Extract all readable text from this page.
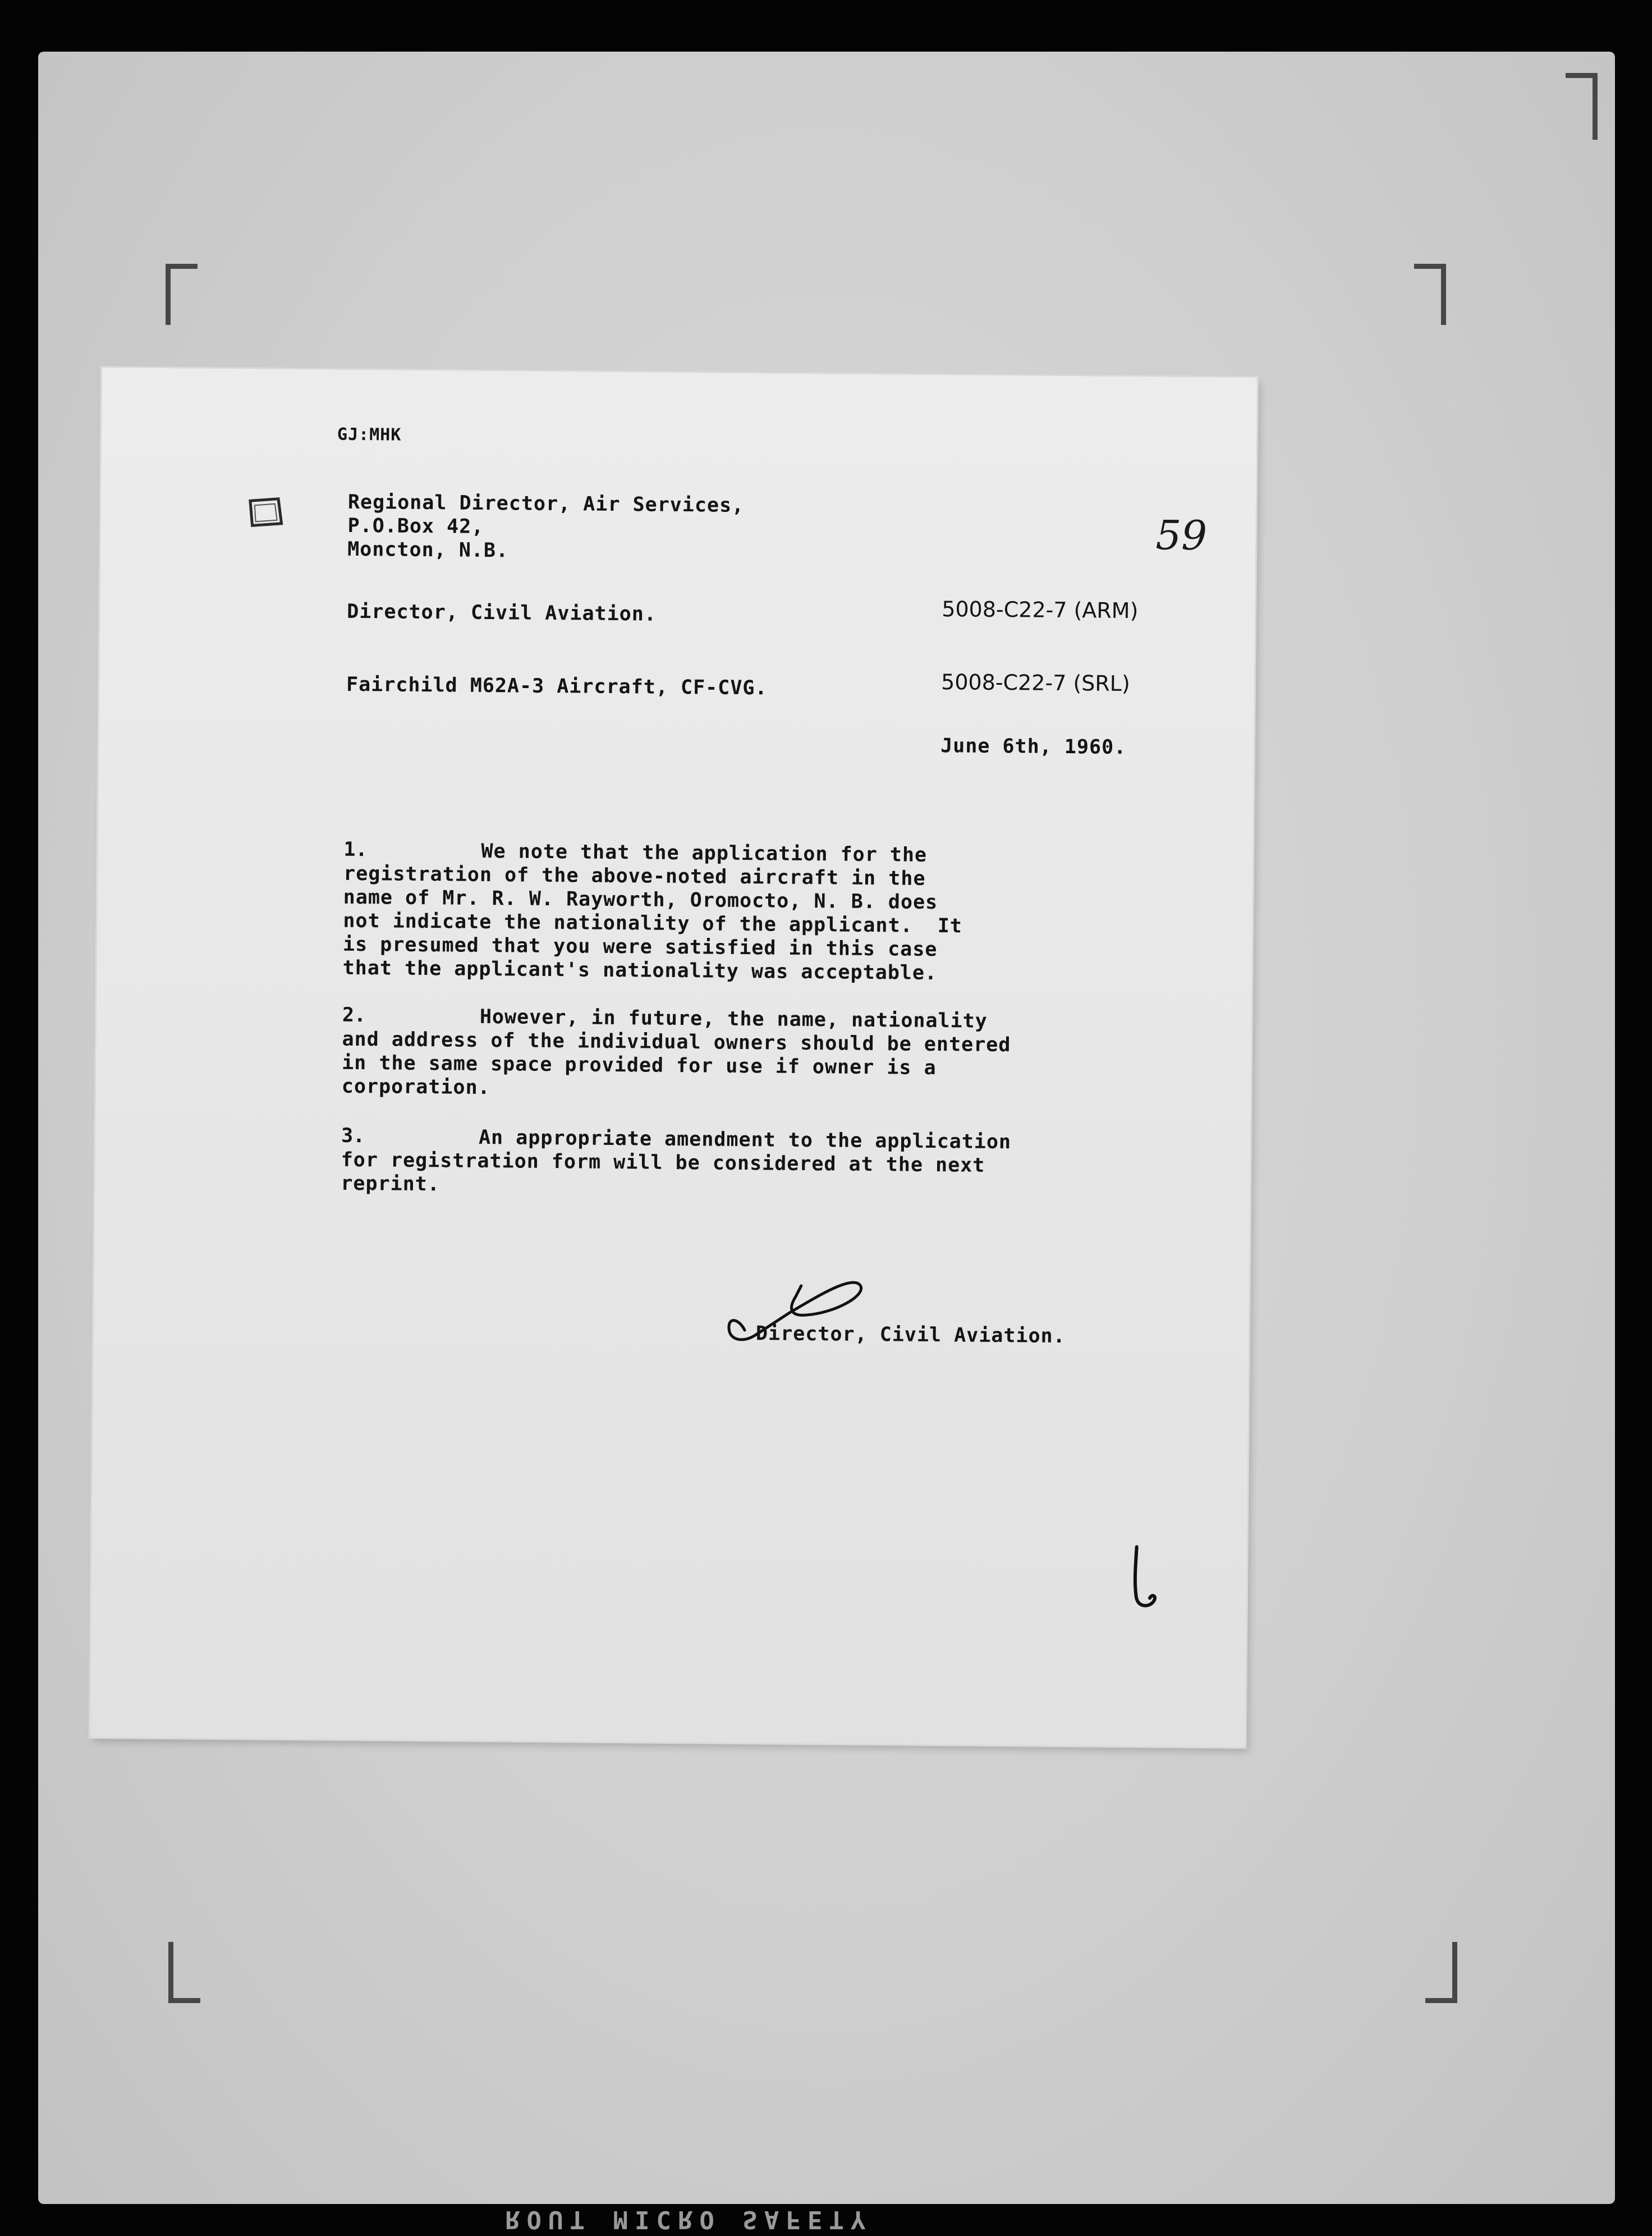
GJ:MHK
Regional Director, Air Services,
P.O.Box 42,
Moncton, N.B.	59
Director, Civil Aviation.	5008-C22-7 (ARM)
5008-C22-7 (SRL)
Fairchild M62A-3 Aircraft, CF-CVG.
June 6th, 1960.
1.	We note that the application for the
registration of the above-noted aircraft in the
name of Mr. R. W. Rayworth, Oromocto, N. B. does
not indicate the nationality of the applicant.  It
is presumed that you were satisfied in this case
that the applicant's nationality was acceptable.
2.	However, in future, the name, nationality
and address of the individual owners should be entered
in the same space provided for use if owner is a
corporation.
3.	An appropriate amendment to the application
for registration form will be considered at the next
reprint.
Director, Civil Aviation.
ROUT MICRO SAFETY
